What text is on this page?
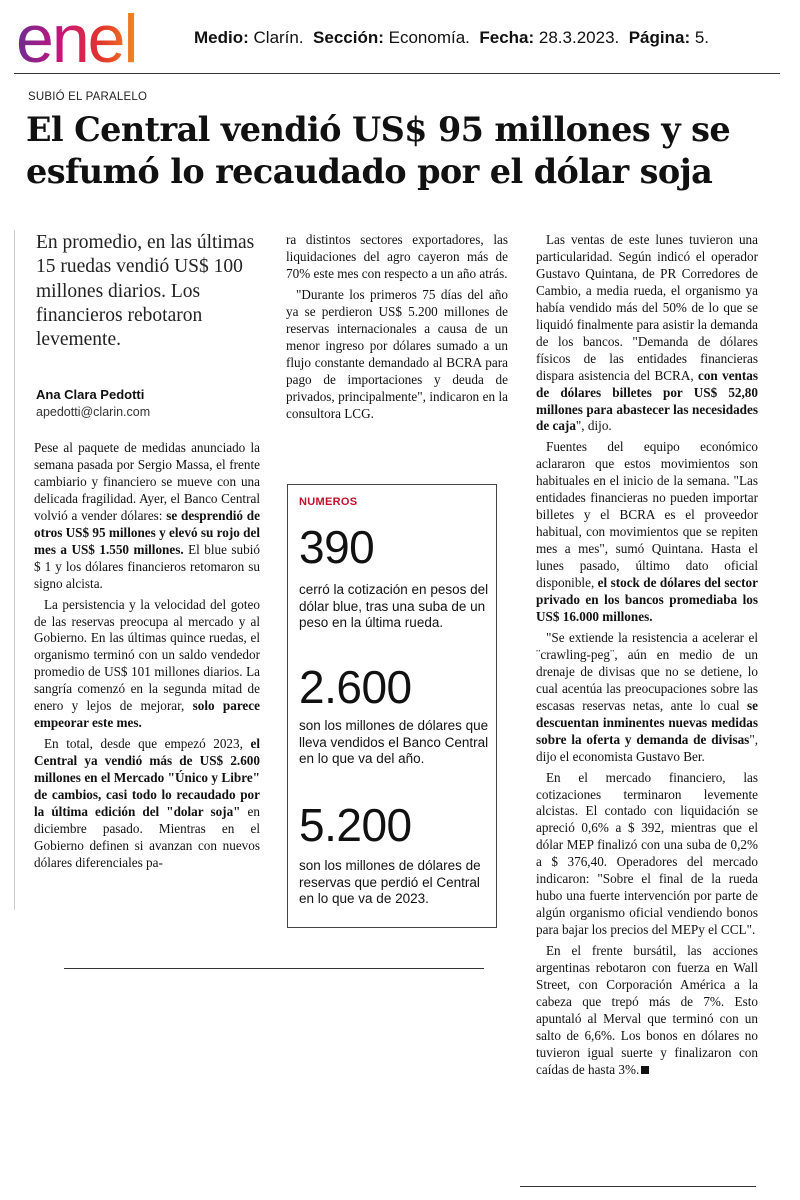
enel	Medio: Clarín. Sección: Economía. Fecha: 28.3.2023. Página: 5.
SUBIÓ EL PARALELO
El Central vendió US$ 95 millones y se
esfumó lo recaudado por el dólar soja
En promedio, en las últimas 15 ruedas vendió US$ 100 millones diarios. Los financieros rebotaron levemente.
Ana Clara Pedotti
apedotti@clarin.com

Pese al paquete de medidas anunciado la semana pasada por Sergio Massa, el frente cambiario y financiero se mueve con una delicada fragilidad. Ayer, el Banco Central volvió a vender dólares: se desprendió de otros US$ 95 millones y elevó su rojo del mes a US$ 1.550 millones. El blue subió $ 1 y los dólares financieros retomaron su signo alcista.

La persistencia y la velocidad del goteo de las reservas preocupa al mercado y al Gobierno. En las últimas quince ruedas, el organismo terminó con un saldo vendedor promedio de US$ 101 millones diarios. La sangría comenzó en la segunda mitad de enero y lejos de mejorar, solo parece empeorar este mes.

En total, desde que empezó 2023, el Central ya vendió más de US$ 2.600 millones en el Mercado "Único y Libre" de cambios, casi todo lo recaudado por la última edición del "dolar soja" en diciembre pasado. Mientras en el Gobierno definen si avanzan con nuevos dólares diferenciales pa-

ra distintos sectores exportadores, las liquidaciones del agro cayeron más de 70% este mes con respecto a un año atrás.

"Durante los primeros 75 días del año ya se perdieron US$ 5.200 millones de reservas internacionales a causa de un menor ingreso por dólares sumado a un flujo constante demandado al BCRA para pago de importaciones y deuda de privados, principalmente", indicaron en la consultora LCG.

NUMEROS
390
cerró la cotización en pesos del dólar blue, tras una suba de un peso en la última rueda.
2.600
son los millones de dólares que lleva vendidos el Banco Central en lo que va del año.
5.200
son los millones de dólares de reservas que perdió el Central en lo que va de 2023.

Las ventas de este lunes tuvieron una particularidad. Según indicó el operador Gustavo Quintana, de PR Corredores de Cambio, a media rueda, el organismo ya había vendido más del 50% de lo que se liquidó finalmente para asistir la demanda de los bancos. "Demanda de dólares físicos de las entidades financieras dispara asistencia del BCRA, con ventas de dólares billetes por US$ 52,80 millones para abastecer las necesidades de caja", dijo.

Fuentes del equipo económico aclararon que estos movimientos son habituales en el inicio de la semana. "Las entidades financieras no pueden importar billetes y el BCRA es el proveedor habitual, con movimientos que se repiten mes a mes", sumó Quintana. Hasta el lunes pasado, último dato oficial disponible, el stock de dólares del sector privado en los bancos promediaba los US$ 16.000 millones.

"Se extiende la resistencia a acelerar el ¨crawling-peg¨, aún en medio de un drenaje de divisas que no se detiene, lo cual acentúa las preocupaciones sobre las escasas reservas netas, ante lo cual se descuentan inminentes nuevas medidas sobre la oferta y demanda de divisas", dijo el economista Gustavo Ber.

En el mercado financiero, las cotizaciones terminaron levemente alcistas. El contado con liquidación se apreció 0,6% a $ 392, mientras que el dólar MEP finalizó con una suba de 0,2% a $ 376,40. Operadores del mercado indicaron: "Sobre el final de la rueda hubo una fuerte intervención por parte de algún organismo oficial vendiendo bonos para bajar los precios del MEPy el CCL".

En el frente bursátil, las acciones argentinas rebotaron con fuerza en Wall Street, con Corporación América a la cabeza que trepó más de 7%. Esto apuntaló al Merval que terminó con un salto de 6,6%. Los bonos en dólares no tuvieron igual suerte y finalizaron con caídas de hasta 3%.
